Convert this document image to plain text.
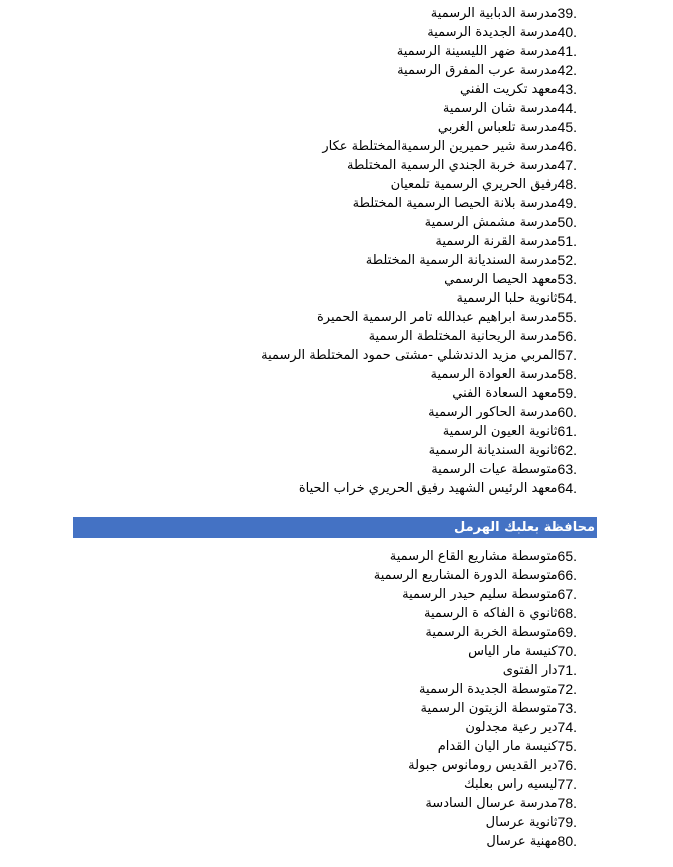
39.
مدرسة الدبابية الرسمية
40.
مدرسة الجديدة الرسمية
41.
مدرسة ضهر الليسينة الرسمية
42.
مدرسة عرب المفرق الرسمية
43.
معهد تكريت الفني
44.
مدرسة شان الرسمية
45.
مدرسة تلعباس الغربي
46.
مدرسة شير حميرين الرسميةالمختلطة عكار
47.
مدرسة خربة الجندي الرسمية المختلطة
48.
رفيق الحريري الرسمية تلمعيان
49.
مدرسة بلانة الحيصا الرسمية المختلطة
50.
مدرسة مشمش الرسمية
51.
مدرسة القرنة الرسمية
52.
مدرسة السنديانة الرسمية المختلطة
53.
معهد الحيصا الرسمي
54.
ثانوية حلبا الرسمية
55.
مدرسة ابراهيم عبدالله تامر الرسمية الحميرة
56.
مدرسة الريحانية المختلطة الرسمية
57.
المربي مزيد الدندشلي -مشتى حمود المختلطة الرسمية
58.
مدرسة العوادة الرسمية
59.
معهد السعادة الفني
60.
مدرسة الحاكور الرسمية
61.
ثانوية العيون الرسمية
62.
ثانوية السنديانة الرسمية
63.
متوسطة عيات الرسمية
64.
معهد الرئيس الشهيد رفيق الحريري خراب الحياة
محافظة بعلبك الهرمل
65.
متوسطة مشاريع القاع الرسمية
66.
متوسطة الدورة المشاريع الرسمية
67.
متوسطة سليم حيدر الرسمية
68.
ثانوي ة الفاكه ة الرسمية
69.
متوسطة الخربة الرسمية
70.
كنيسة مار الياس
71.
دار الفتوى
72.
متوسطة الجديدة الرسمية
73.
متوسطة الزيتون الرسمية
74.
دير رعية مجدلون
75.
كنيسة مار اليان القدام
76.
دير القديس رومانوس جبولة
77.
ليسيه راس بعلبك
78.
مدرسة عرسال السادسة
79.
ثانوية عرسال
80.
مهنية عرسال
